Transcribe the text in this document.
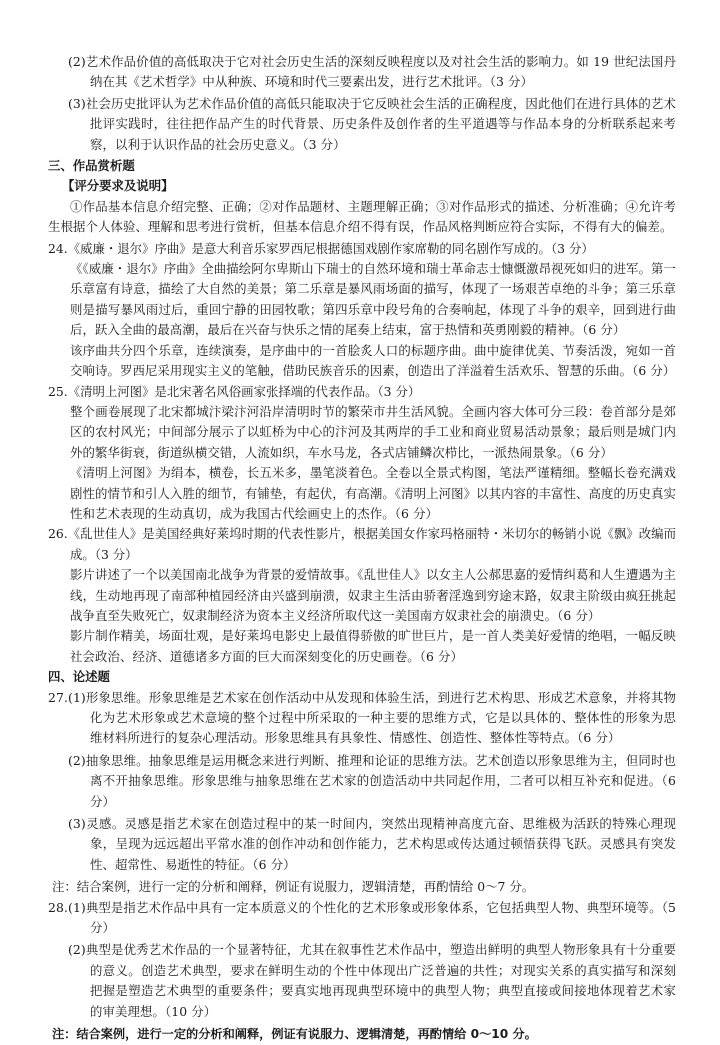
(2)艺术作品价值的高低取决于它对社会历史生活的深刻反映程度以及对社会生活的影响力。如 19 世纪法国丹纳在其《艺术哲学》中从种族、环境和时代三要素出发，进行艺术批评。（3 分）
(3)社会历史批评认为艺术作品价值的高低只能取决于它反映社会生活的正确程度，因此他们在进行具体的艺术批评实践时，往往把作品产生的时代背景、历史条件及创作者的生平道遇等与作品本身的分析联系起来考察，以利于认识作品的社会历史意义。（3 分）
三、作品赏析题
【评分要求及说明】
①作品基本信息介绍完整、正确；②对作品题材、主题理解正确；③对作品形式的描述、分析准确；④允许考生根据个人体验、理解和思考进行赏析，但基本信息介绍不得有误，作品风格判断应符合实际，不得有大的偏差。
24.《威廉・退尔》序曲》是意大利音乐家罗西尼根据德国戏剧作家席勒的同名剧作写成的。（3 分）
《《威廉・退尔》序曲》全曲描绘阿尔卑斯山下瑞士的自然环境和瑞士革命志士慷慨激昂视死如归的进军。第一乐章富有诗意，描绘了大自然的美景；第二乐章是暴风雨场面的描写，体现了一场艰苦卓绝的斗争；第三乐章则是描写暴风雨过后，重回宁静的田园牧歌；第四乐章中段号角的合奏响起，体现了斗争的艰辛，回到进行曲后，跃入全曲的最高潮，最后在兴奋与快乐之情的尾奏上结束，富于热情和英勇刚毅的精神。（6 分）
该序曲共分四个乐章，连续演奏，是序曲中的一首脍炙人口的标题序曲。曲中旋律优美、节奏活泼，宛如一首交响诗。罗西尼采用现实主义的笔触，借助民族音乐的因素，创造出了洋溢着生活欢乐、智慧的乐曲。（6 分）
25.《清明上河图》是北宋著名风俗画家张择端的代表作品。（3 分）
整个画卷展现了北宋都城汴梁汴河沿岸清明时节的繁荣市井生活风貌。全画内容大体可分三段：卷首部分是郊区的农村风光；中间部分展示了以虹桥为中心的汴河及其两岸的手工业和商业贸易活动景象；最后则是城门内外的繁华街衰，街道纵横交错，人流如织，车水马龙，各式店铺鳞次栉比，一派热闹景象。（6 分）
《清明上河图》为绢本，横卷，长五米多，墨笔淡着色。全卷以全景式构图，笔法严谨精细。整幅长卷充满戏剧性的情节和引人入胜的细节，有铺垫，有起伏，有高潮。《清明上河图》以其内容的丰富性、高度的历史真实性和艺术表现的生动真切，成为我国古代绘画史上的杰作。（6 分）
26.《乱世佳人》是美国经典好莱坞时期的代表性影片，根据美国女作家玛格丽特・米切尔的畅销小说《飘》改编而成。（3 分）
影片讲述了一个以美国南北战争为背景的爱情故事。《乱世佳人》以女主人公郝思嘉的爱情纠葛和人生遭遇为主线，生动地再现了南部种植园经济由兴盛到崩溃，奴隶主生活由骄奢淫逸到穷途末路，奴隶主阶级由疯狂挑起战争直至失败死亡，奴隶制经济为资本主义经济所取代这一美国南方奴隶社会的崩溃史。（6 分）
影片制作精美，场面壮观，是好莱坞电影史上最值得骄傲的旷世巨片，是一首人类美好爱情的绝唱，一幅反映社会政治、经济、道德诸多方面的巨大而深刻变化的历史画卷。（6 分）
四、论述题
27.(1)形象思维。形象思维是艺术家在创作活动中从发现和体验生活，到进行艺术构思、形成艺术意象，并将其物化为艺术形象或艺术意境的整个过程中所采取的一种主要的思维方式，它是以具体的、整体性的形象为思维材料所进行的复杂心理活动。形象思维具有具象性、情感性、创造性、整体性等特点。（6 分）
(2)抽象思维。抽象思维是运用概念来进行判断、推理和论证的思维方法。艺术创造以形象思维为主，但同时也离不开抽象思维。形象思维与抽象思维在艺术家的创造活动中共同起作用，二者可以相互补充和促进。（6 分）
(3)灵感。灵感是指艺术家在创造过程中的某一时间内，突然出现精神高度亢奋、思维极为活跃的特殊心理现象，呈现为远远超出平常水准的创作冲动和创作能力，艺术构思或传达通过顿悟获得飞跃。灵感具有突发性、超常性、易逝性的特征。（6 分）
注：结合案例，进行一定的分析和阐释，例证有说服力，逻辑清楚，再酌情给 0～7 分。
28.(1)典型是指艺术作品中具有一定本质意义的个性化的艺术形象或形象体系，它包括典型人物、典型环境等。（5 分）
(2)典型是优秀艺术作品的一个显著特征，尤其在叙事性艺术作品中，塑造出鲜明的典型人物形象具有十分重要的意义。创造艺术典型，要求在鲜明生动的个性中体现出广泛普遍的共性；对现实关系的真实描写和深刻把握是塑造艺术典型的重要条件；要真实地再现典型环境中的典型人物；典型直接或间接地体现着艺术家的审美理想。（10 分）
注：结合案例，进行一定的分析和阐释，例证有说服力、逻辑清楚，再酌情给 0～10 分。
